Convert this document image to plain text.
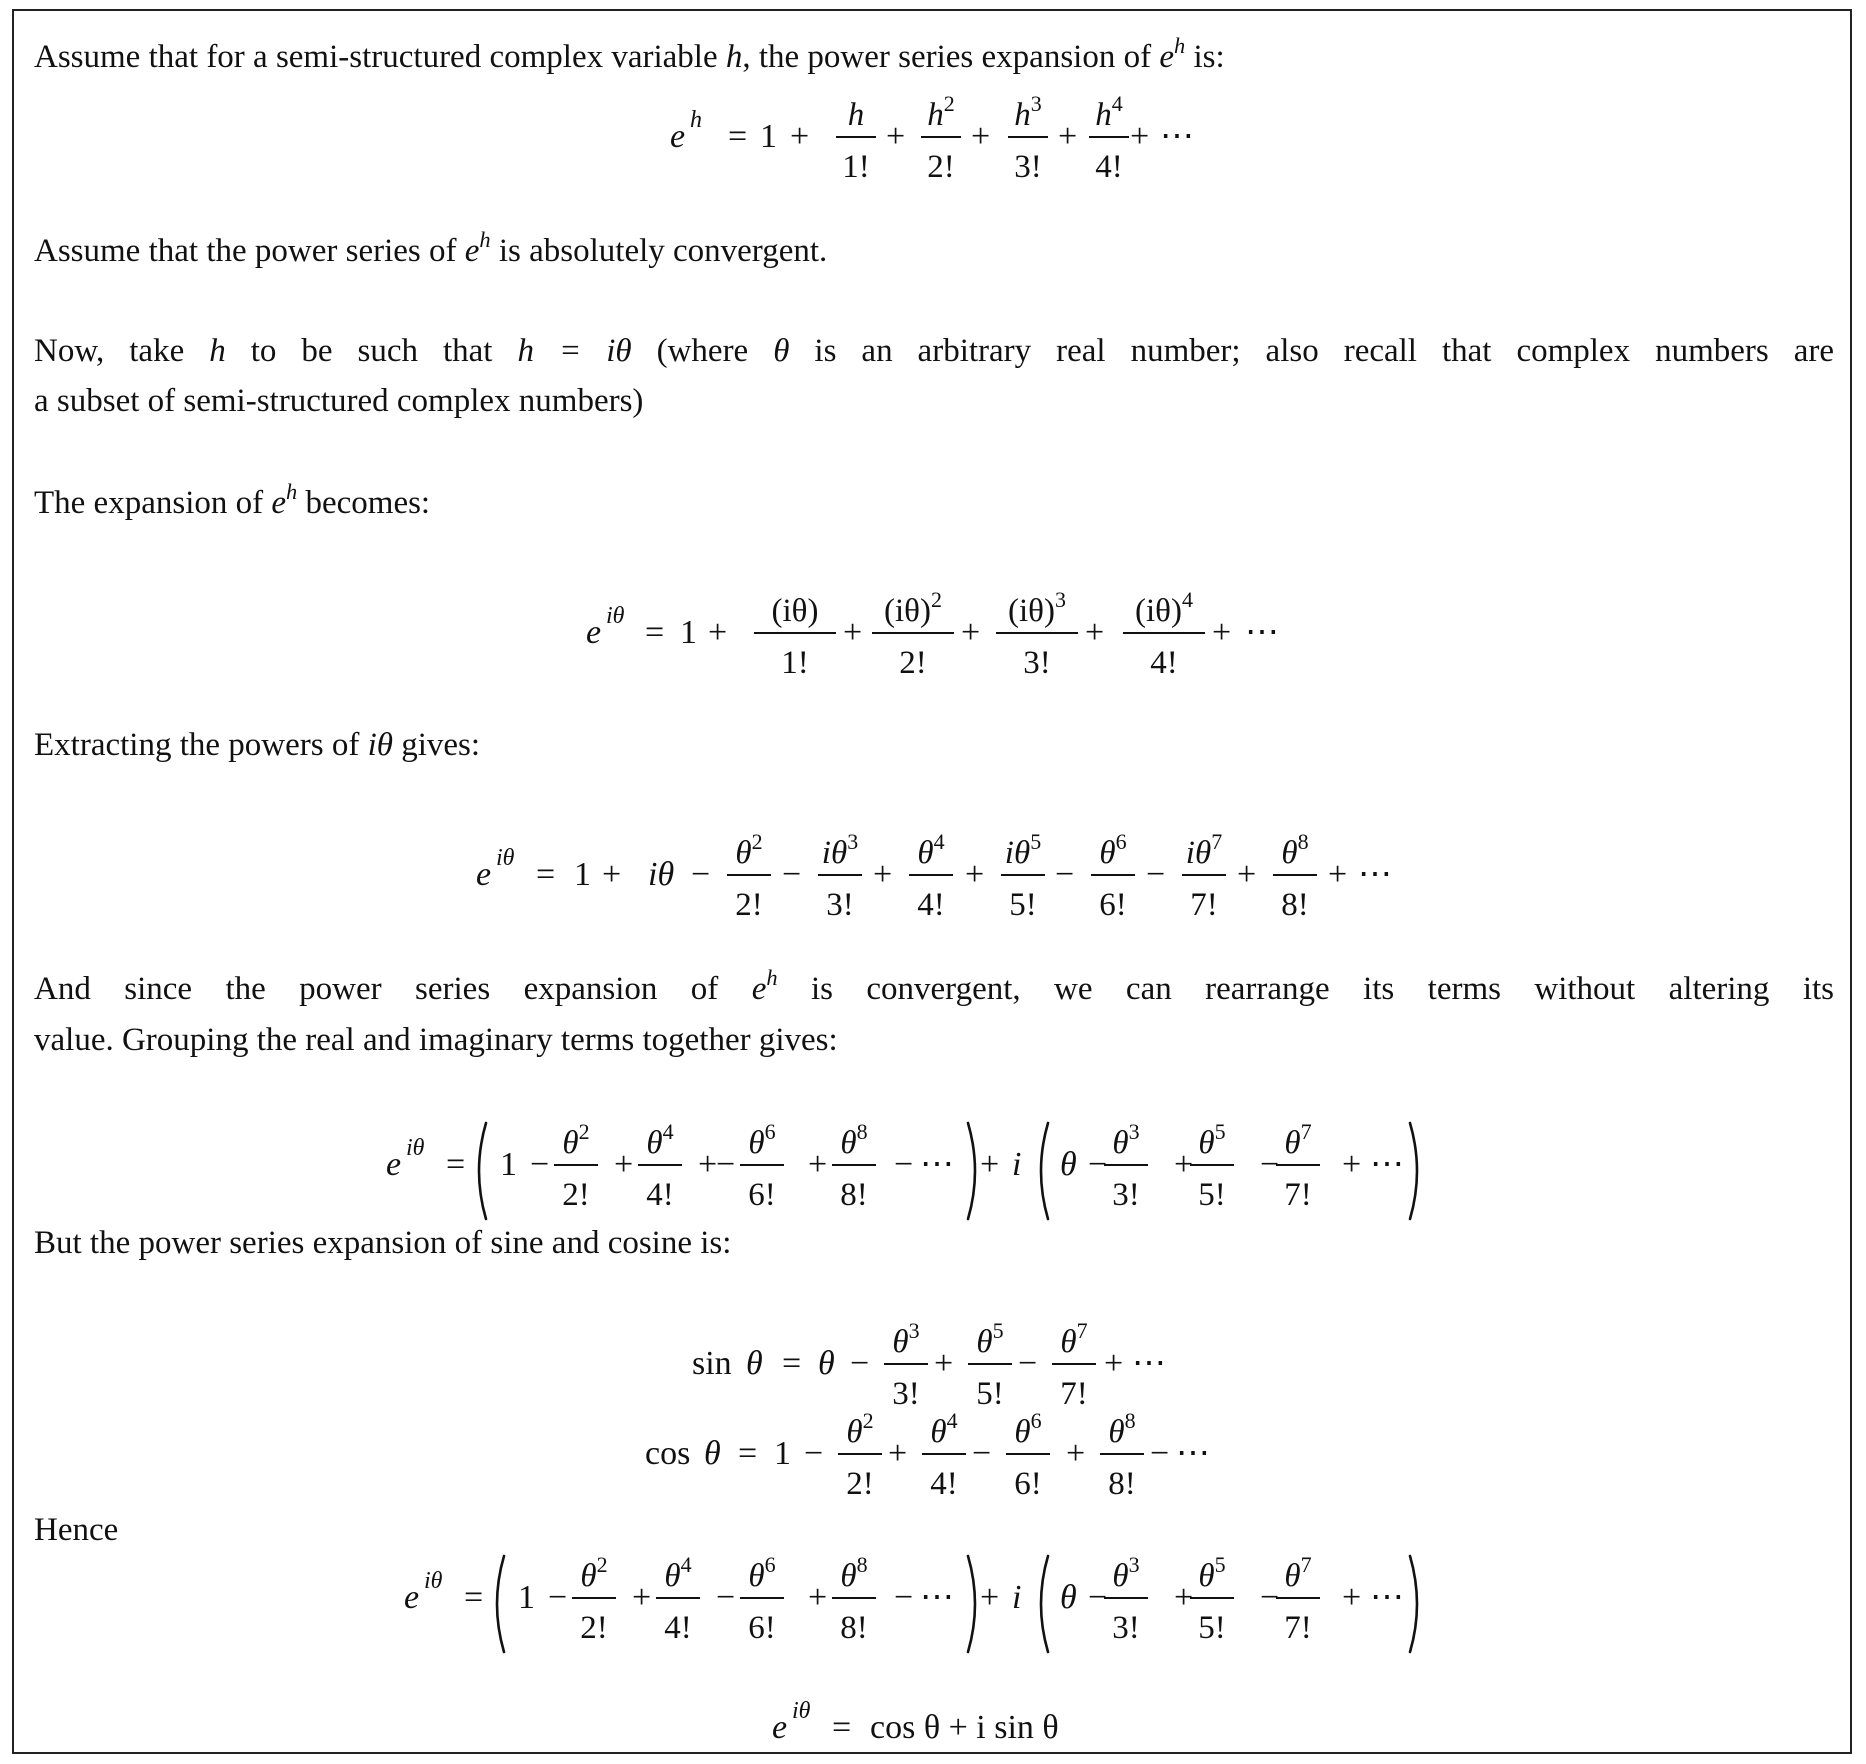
Assume that for a semi-structured complex variable h, the power series expansion of $e^h$ is:
e h = 1 +
h
1!
+
$h^2$
2!
+
$h^3$
3!
+
$h^4$
4!
+ ⋯
Assume that the power series of $e^h$ is absolutely convergent.
Now, take h to be such that h = iθ (where θ is an arbitrary real number; also recall that complex numbers are
a subset of semi-structured complex numbers)
The expansion of $e^h$ becomes:
e iθ = 1 +
(iθ)
1!
+
$(i\theta)^2$
2!
+
$(i\theta)^3$
3!
+
$(i\theta)^4$
4!
+ ⋯
Extracting the powers of iθ gives:
e iθ = 1 + iθ −
$\theta^2$
2!
−
$i\theta^3$
3!
+
$\theta^4$
4!
+
$i\theta^5$
5!
−
$\theta^6$
6!
−
$i\theta^7$
7!
+
$\theta^8$
8!
+ ⋯
And since the power series expansion of $e^h$ is convergent, we can rearrange its terms without altering its
value. Grouping the real and imaginary terms together gives:
e iθ = 1 −
$\theta^2$
2!
+
$\theta^4$
4!
+
−
$\theta^6$
6!
+
$\theta^8$
8!
− ⋯ + i θ −
$\theta^3$
3!
+
$\theta^5$
5!
−
$\theta^7$
7!
+ ⋯
But the power series expansion of sine and cosine is:
sin θ = θ −
$\theta^3$
3!
+
$\theta^5$
5!
−
$\theta^7$
7!
+ ⋯
cos θ = 1 −
$\theta^2$
2!
+
$\theta^4$
4!
−
$\theta^6$
6!
+
$\theta^8$
8!
− ⋯
Hence
e iθ = 1 −
$\theta^2$
2!
+
$\theta^4$
4!
−
$\theta^6$
6!
+
$\theta^8$
8!
− ⋯ + i θ −
$\theta^3$
3!
+
$\theta^5$
5!
−
$\theta^7$
7!
+ ⋯
e iθ = cos θ + i sin θ
